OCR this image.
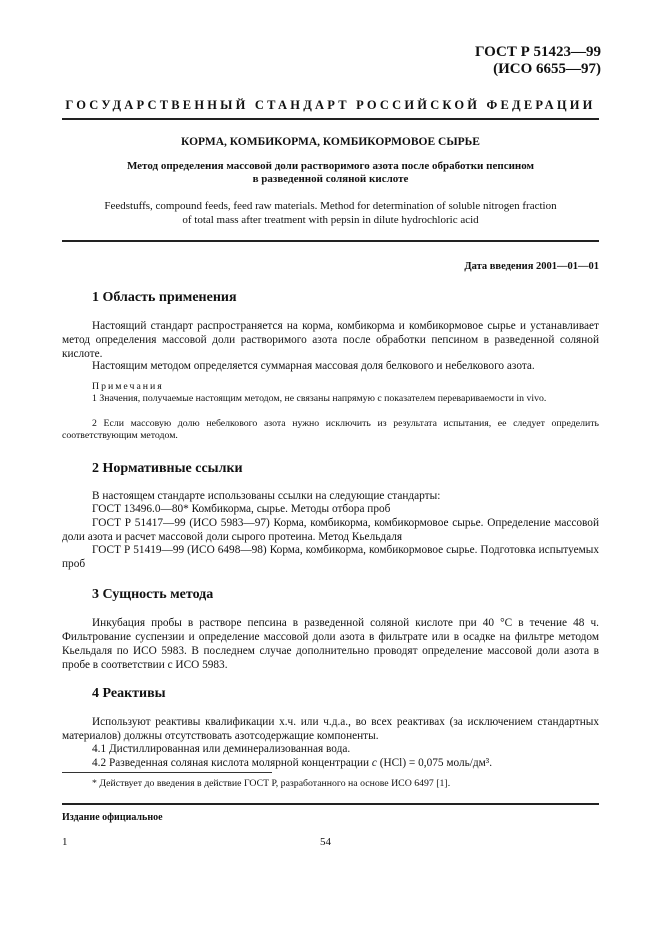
ГОСТ Р 51423—99
(ИСО 6655—97)
ГОСУДАРСТВЕННЫЙ СТАНДАРТ РОССИЙСКОЙ ФЕДЕРАЦИИ
КОРМА, КОМБИКОРМА, КОМБИКОРМОВОЕ СЫРЬЕ
Метод определения массовой доли растворимого азота после обработки пепсином
в разведенной соляной кислоте
Feedstuffs, compound feeds, feed raw materials. Method for determination of soluble nitrogen fraction
of total mass after treatment with pepsin in dilute hydrochloric acid
Дата введения 2001—01—01
1 Область применения
Настоящий стандарт распространяется на корма, комбикорма и комбикормовое сырье и устанавливает метод определения массовой доли растворимого азота после обработки пепсином в разведенной соляной кислоте.
Настоящим методом определяется суммарная массовая доля белкового и небелкового азота.
Примечания
1 Значения, получаемые настоящим методом, не связаны напрямую с показателем перевариваемости in vivo.
2 Если массовую долю небелкового азота нужно исключить из результата испытания, ее следует определить соответствующим методом.
2 Нормативные ссылки
В настоящем стандарте использованы ссылки на следующие стандарты:
ГОСТ 13496.0—80* Комбикорма, сырье. Методы отбора проб
ГОСТ Р 51417—99 (ИСО 5983—97) Корма, комбикорма, комбикормовое сырье. Определение массовой доли азота и расчет массовой доли сырого протеина. Метод Кьельдаля
ГОСТ Р 51419—99 (ИСО 6498—98) Корма, комбикорма, комбикормовое сырье. Подготовка испытуемых проб
3 Сущность метода
Инкубация пробы в растворе пепсина в разведенной соляной кислоте при 40 °С в течение 48 ч. Фильтрование суспензии и определение массовой доли азота в фильтрате или в осадке на фильтре методом Кьельдаля по ИСО 5983. В последнем случае дополнительно проводят определение массовой доли азота в пробе в соответствии с ИСО 5983.
4 Реактивы
Используют реактивы квалификации х.ч. или ч.д.а., во всех реактивах (за исключением стандартных материалов) должны отсутствовать азотсодержащие компоненты.
4.1 Дистиллированная или деминерализованная вода.
4.2 Разведенная соляная кислота молярной концентрации c (HCl) = 0,075 моль/дм³.
* Действует до введения в действие ГОСТ Р, разработанного на основе ИСО 6497 [1].
Издание официальное
1	54
